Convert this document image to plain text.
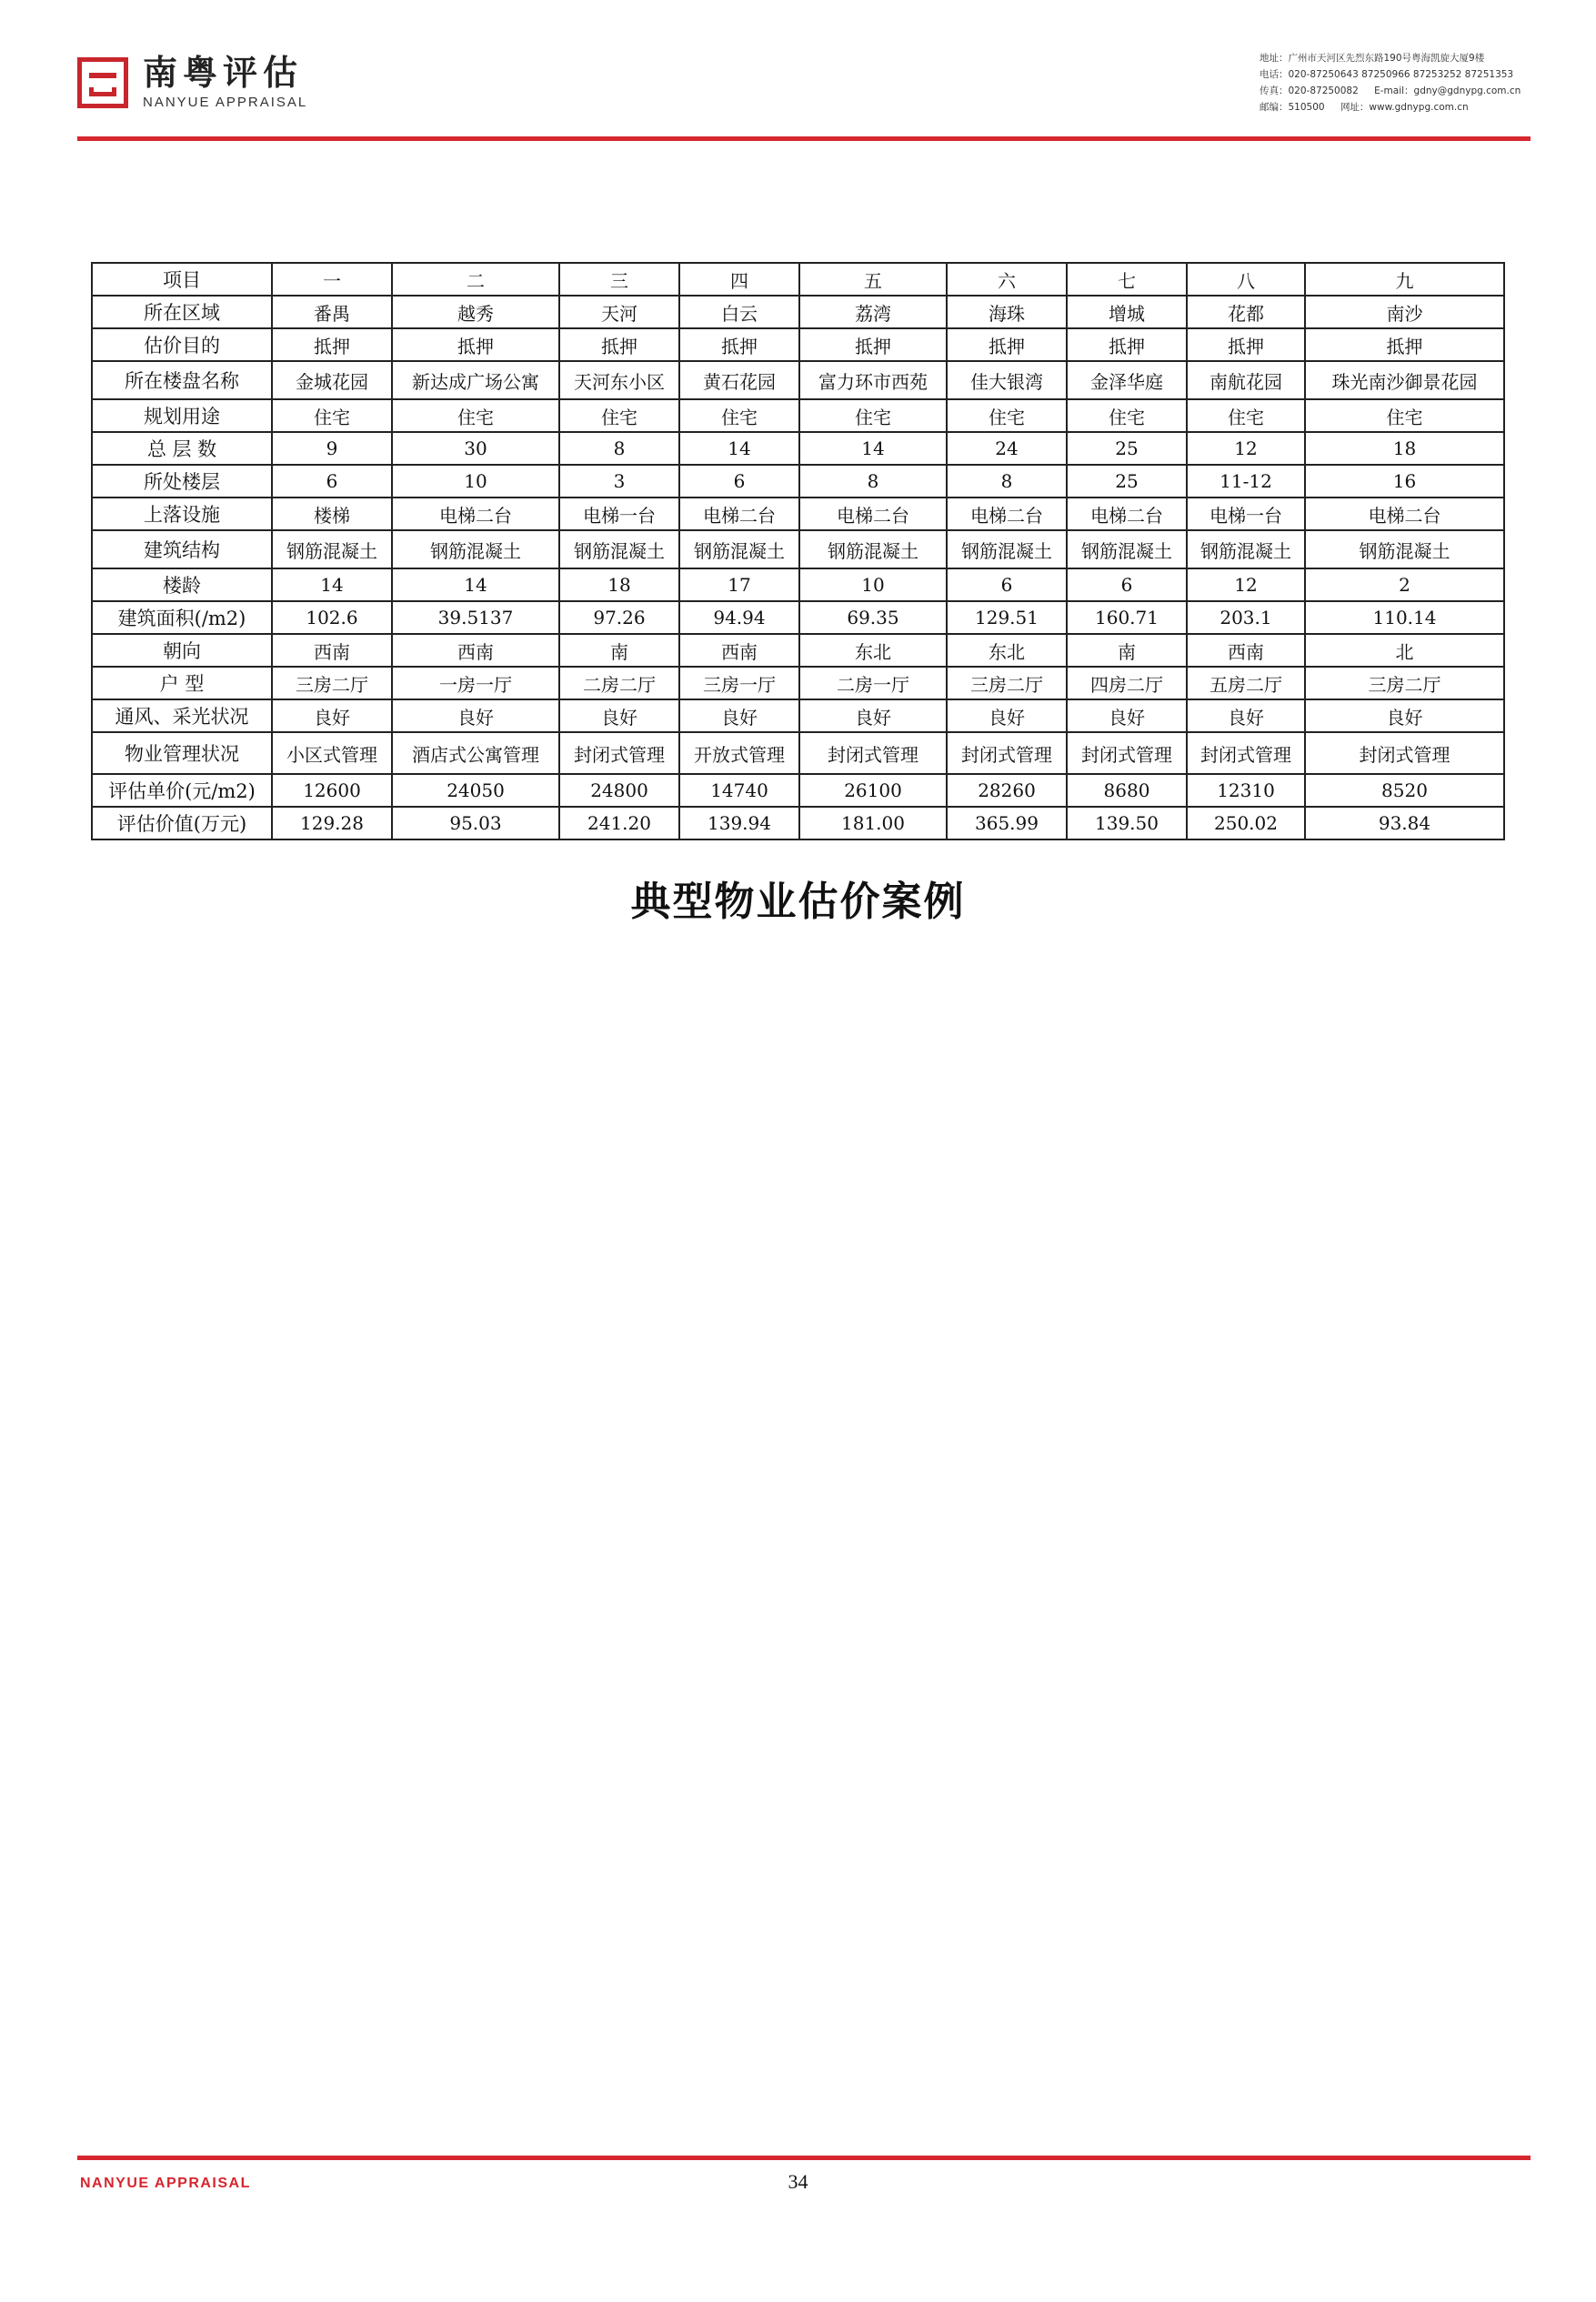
南粤评估
NANYUE APPRAISAL
地址：广州市天河区先烈东路190号粤海凯旋大厦9楼
电话：020-87250643 87250966 87253252 87251353
传真：020-87250082 E-mail：gdny@gdnypg.com.cn
邮编：510500 网址：www.gdnypg.com.cn
项目	一	二	三	四	五	六	七	八	九
所在区域	番禺	越秀	天河	白云	荔湾	海珠	增城	花都	南沙
估价目的	抵押	抵押	抵押	抵押	抵押	抵押	抵押	抵押	抵押
所在楼盘名称	金城花园	新达成广场公寓	天河东小区	黄石花园	富力环市西苑	佳大银湾	金泽华庭	南航花园	珠光南沙御景花园
规划用途	住宅	住宅	住宅	住宅	住宅	住宅	住宅	住宅	住宅
总 层 数	9	30	8	14	14	24	25	12	18
所处楼层	6	10	3	6	8	8	25	11-12	16
上落设施	楼梯	电梯二台	电梯一台	电梯二台	电梯二台	电梯二台	电梯二台	电梯一台	电梯二台
建筑结构	钢筋混凝土	钢筋混凝土	钢筋混凝土	钢筋混凝土	钢筋混凝土	钢筋混凝土	钢筋混凝土	钢筋混凝土	钢筋混凝土
楼龄	14	14	18	17	10	6	6	12	2
建筑面积(/m2)	102.6	39.5137	97.26	94.94	69.35	129.51	160.71	203.1	110.14
朝向	西南	西南	南	西南	东北	东北	南	西南	北
户 型	三房二厅	一房一厅	二房二厅	三房一厅	二房一厅	三房二厅	四房二厅	五房二厅	三房二厅
通风、采光状况	良好	良好	良好	良好	良好	良好	良好	良好	良好
物业管理状况	小区式管理	酒店式公寓管理	封闭式管理	开放式管理	封闭式管理	封闭式管理	封闭式管理	封闭式管理	封闭式管理
评估单价(元/m2)	12600	24050	24800	14740	26100	28260	8680	12310	8520
评估价值(万元)	129.28	95.03	241.20	139.94	181.00	365.99	139.50	250.02	93.84
典型物业估价案例
NANYUE APPRAISAL	34
